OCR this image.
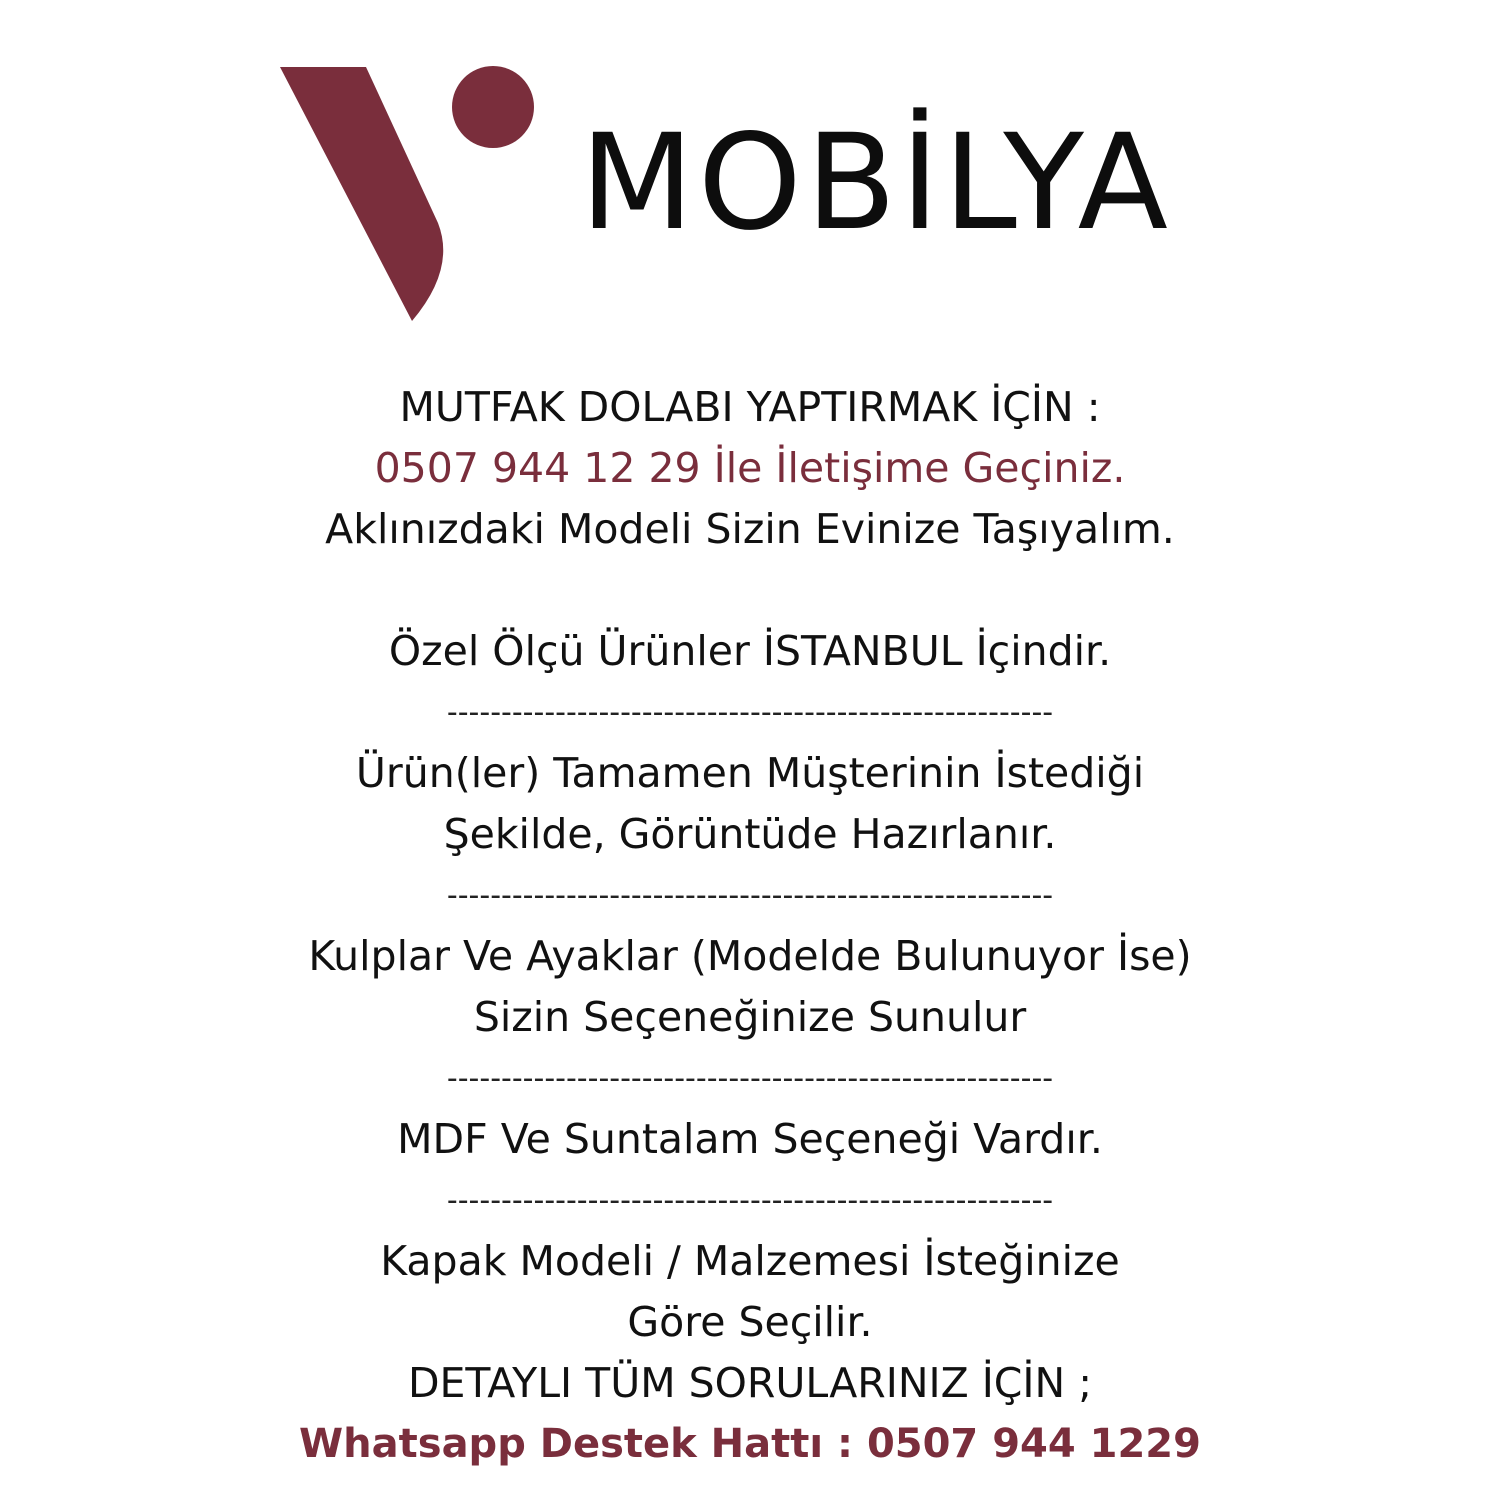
MOBİLYA
MUTFAK DOLABI YAPTIRMAK İÇİN :
0507 944 12 29 İle İletişime Geçiniz.
Aklınızdaki Modeli Sizin Evinize Taşıyalım.
Özel Ölçü Ürünler İSTANBUL İçindir.
--------------------------------------------------------
Ürün(ler) Tamamen Müşterinin İstediği
Şekilde, Görüntüde Hazırlanır.
--------------------------------------------------------
Kulplar Ve Ayaklar (Modelde Bulunuyor İse)
Sizin Seçeneğinize Sunulur
--------------------------------------------------------
MDF Ve Suntalam Seçeneği Vardır.
--------------------------------------------------------
Kapak Modeli / Malzemesi İsteğinize
Göre Seçilir.
DETAYLI TÜM SORULARINIZ İÇİN ;
Whatsapp Destek Hattı : 0507 944 1229
